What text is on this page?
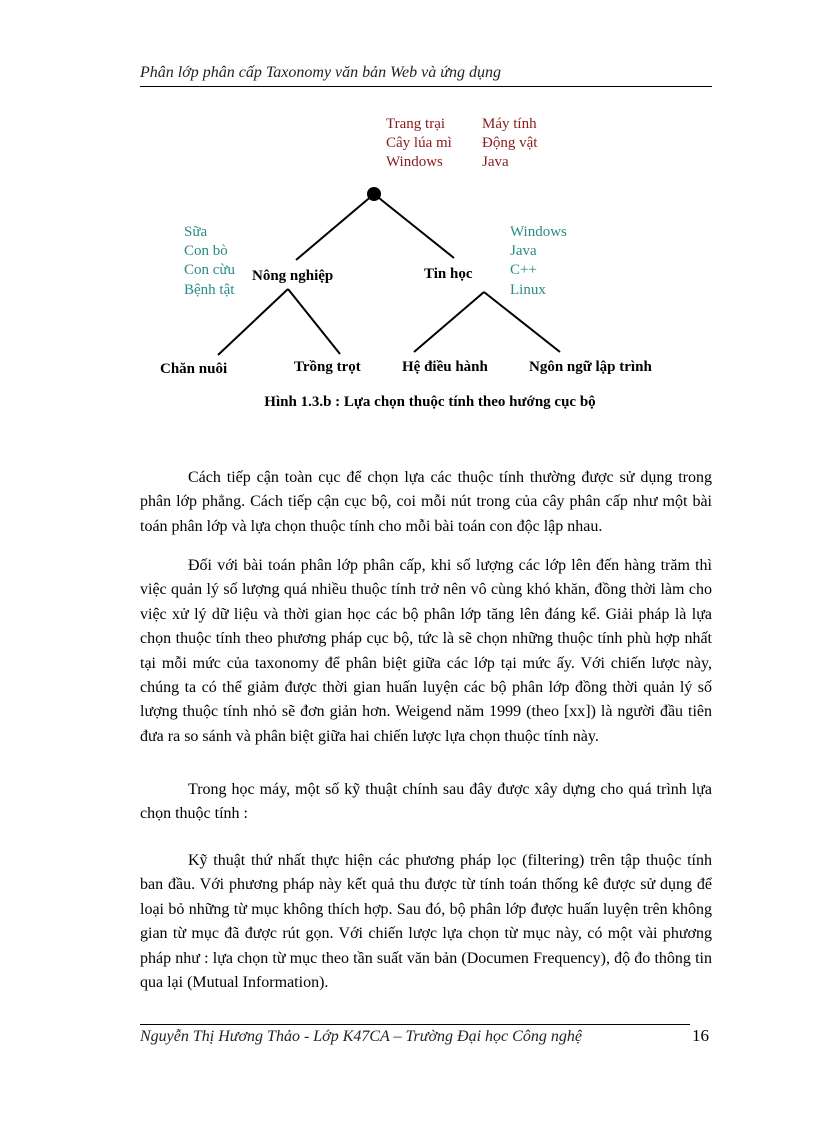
Phân lớp phân cấp Taxonomy văn bản Web và ứng dụng
Trang trại
Cây lúa mì
Windows
Máy tính
Động vật
Java
Sữa
Con bò
Con cừu
Bệnh tật
Windows
Java
C++
Linux
Nông nghiệp	Tin học
Chăn nuôi	Trồng trọt	Hệ điều hành	Ngôn ngữ lập trình
Hình 1.3.b : Lựa chọn thuộc tính theo hướng cục bộ

Cách tiếp cận toàn cục để chọn lựa các thuộc tính thường được sử dụng trong phân lớp phẳng. Cách tiếp cận cục bộ, coi mỗi nút trong của cây phân cấp như một bài toán phân lớp và lựa chọn thuộc tính cho mỗi bài toán con độc lập nhau.

Đối với bài toán phân lớp phân cấp, khi số lượng các lớp lên đến hàng trăm thì việc quản lý số lượng quá nhiều thuộc tính trở nên vô cùng khó khăn, đồng thời làm cho việc xử lý dữ liệu và thời gian học các bộ phân lớp tăng lên đáng kể. Giải pháp là lựa chọn thuộc tính theo phương pháp cục bộ, tức là sẽ chọn những thuộc tính phù hợp nhất tại mỗi mức của taxonomy để phân biệt giữa các lớp tại mức ấy. Với chiến lược này, chúng ta có thể giảm được thời gian huấn luyện các bộ phân lớp đồng thời quản lý số lượng thuộc tính nhỏ sẽ đơn giản hơn. Weigend năm 1999 (theo [xx]) là người đầu tiên đưa ra so sánh và phân biệt giữa hai chiến lược lựa chọn thuộc tính này.

Trong học máy, một số kỹ thuật chính sau đây được xây dựng cho quá trình lựa chọn thuộc tính :

Kỹ thuật thứ nhất thực hiện các phương pháp lọc (filtering) trên tập thuộc tính ban đầu. Với phương pháp này kết quả thu được từ tính toán thống kê được sử dụng để loại bỏ những từ mục không thích hợp. Sau đó, bộ phân lớp được huấn luyện trên không gian từ mục đã được rút gọn. Với chiến lược lựa chọn từ mục này, có một vài phương pháp như : lựa chọn từ mục theo tần suất văn bản (Documen Frequency), độ đo thông tin qua lại (Mutual Information).

Nguyễn Thị Hương Thảo - Lớp K47CA – Trường Đại học Công nghệ	16
